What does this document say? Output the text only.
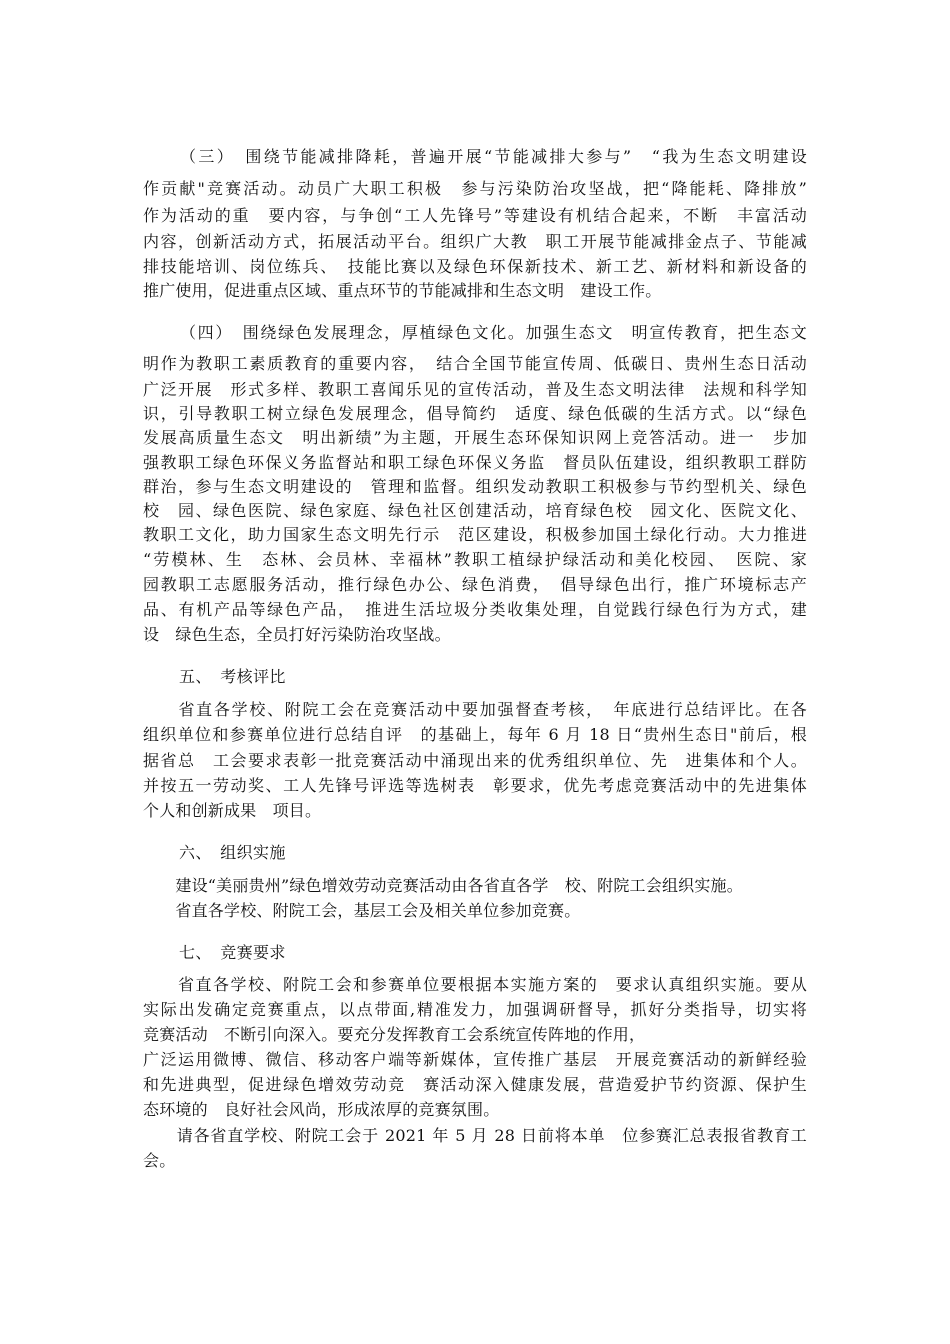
（三）　围绕节能减排降耗，普遍开展“节能减排大参与”　“我为生态文明建设
作贡献"竞赛活动。动员广大职工积极　参与污染防治攻坚战，把“降能耗、降排放”
作为活动的重　要内容，与争创“工人先锋号”等建设有机结合起来，不断　丰富活动
内容，创新活动方式，拓展活动平台。组织广大教　职工开展节能减排金点子、节能减
排技能培训、岗位练兵、　技能比赛以及绿色环保新技术、新工艺、新材料和新设备的
推广使用，促进重点区域、重点环节的节能减排和生态文明　建设工作。
（四）　围绕绿色发展理念，厚植绿色文化。加强生态文　明宣传教育，把生态文
明作为教职工素质教育的重要内容，　结合全国节能宣传周、低碳日、贵州生态日活动
广泛开展　形式多样、教职工喜闻乐见的宣传活动，普及生态文明法律　法规和科学知
识，引导教职工树立绿色发展理念，倡导简约　适度、绿色低碳的生活方式。以“绿色
发展高质量生态文　明出新绩”为主题，开展生态环保知识网上竞答活动。进一　步加
强教职工绿色环保义务监督站和职工绿色环保义务监　督员队伍建设，组织教职工群防
群治，参与生态文明建设的　管理和监督。组织发动教职工积极参与节约型机关、绿色
校　园、绿色医院、绿色家庭、绿色社区创建活动，培育绿色校　园文化、医院文化、
教职工文化，助力国家生态文明先行示　范区建设，积极参加国土绿化行动。大力推进
“劳模林、生　态林、会员林、幸福林”教职工植绿护绿活动和美化校园、　医院、家
园教职工志愿服务活动，推行绿色办公、绿色消费，　倡导绿色出行，推广环境标志产
品、有机产品等绿色产品，　推进生活垃圾分类收集处理，自觉践行绿色行为方式，建
设　绿色生态，全员打好污染防治攻坚战。
五、　考核评比
　　省直各学校、附院工会在竞赛活动中要加强督查考核，　年底进行总结评比。在各
组织单位和参赛单位进行总结自评　的基础上，每年 6 月 18 日“贵州生态日"前后，根
据省总　工会要求表彰一批竞赛活动中涌现出来的优秀组织单位、先　进集体和个人。
并按五一劳动奖、工人先锋号评选等选树表　彰要求，优先考虑竞赛活动中的先进集体
个人和创新成果　项目。
六、　组织实施
　　建设“美丽贵州”绿色增效劳动竞赛活动由各省直各学　校、附院工会组织实施。
　　省直各学校、附院工会，基层工会及相关单位参加竞赛。
七、　竞赛要求
　　省直各学校、附院工会和参赛单位要根据本实施方案的　要求认真组织实施。要从
实际出发确定竞赛重点，以点带面,精准发力，加强调研督导，抓好分类指导，切实将
竞赛活动　不断引向深入。要充分发挥教育工会系统宣传阵地的作用，
广泛运用微博、微信、移动客户端等新媒体，宣传推广基层　开展竞赛活动的新鲜经验
和先进典型，促进绿色增效劳动竞　赛活动深入健康发展，营造爱护节约资源、保护生
态环境的　良好社会风尚，形成浓厚的竞赛氛围。
　　请各省直学校、附院工会于 2021 年 5 月 28 日前将本单　位参赛汇总表报省教育工
会。
